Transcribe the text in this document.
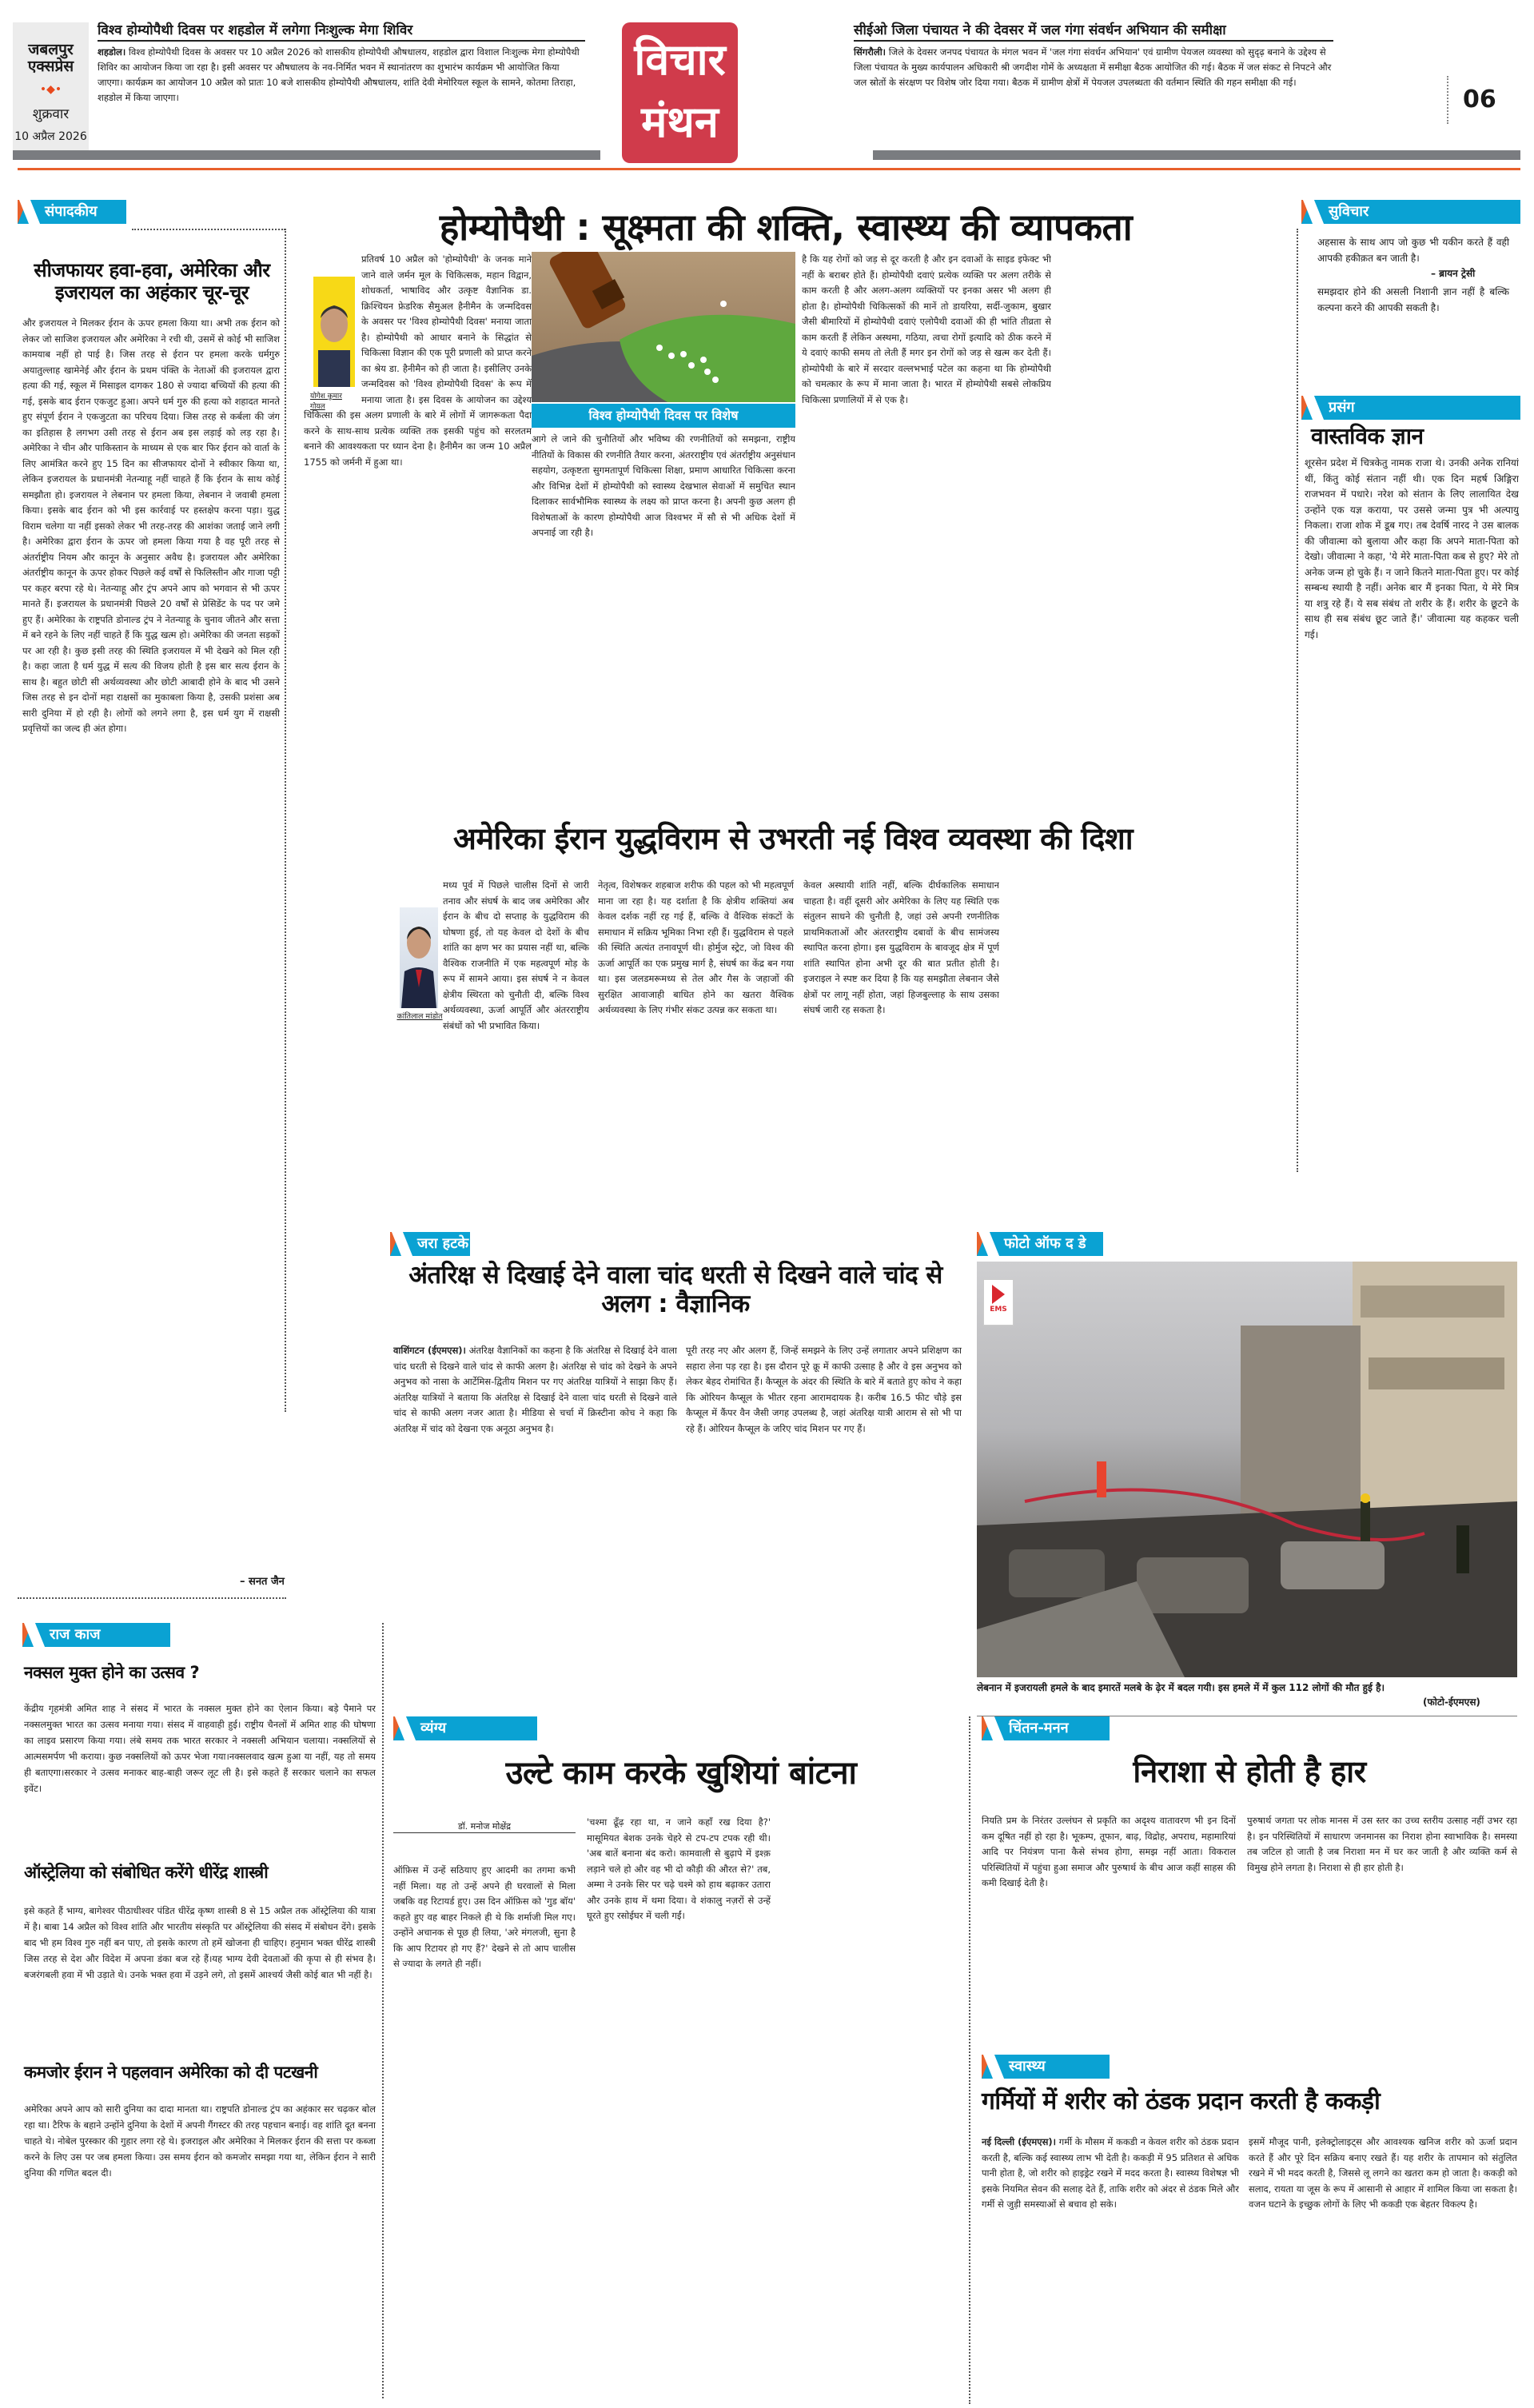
जबलपुर एक्सप्रेस
•◆•
शुक्रवार
10 अप्रैल 2026
विश्व होम्योपैथी दिवस पर शहडोल में लगेगा निःशुल्क मेगा शिविर

शहडोल। विश्व होम्योपैथी दिवस के अवसर पर 10 अप्रैल 2026 को शासकीय होम्योपैथी औषधालय, शहडोल द्वारा विशाल निःशुल्क मेगा होम्योपैथी शिविर का आयोजन किया जा रहा है। इसी अवसर पर औषधालय के नव-निर्मित भवन में स्थानांतरण का शुभारंभ कार्यक्रम भी आयोजित किया जाएगा। कार्यक्रम का आयोजन 10 अप्रैल को प्रातः 10 बजे शासकीय होम्योपैथी औषधालय, शांति देवी मेमोरियल स्कूल के सामने, कोतमा तिराहा, शहडोल में किया जाएगा।

विचार
मंथन
सीईओ जिला पंचायत ने की देवसर में जल गंगा संवर्धन अभियान की समीक्षा

सिंगरौली। जिले के देवसर जनपद पंचायत के मंगल भवन में 'जल गंगा संवर्धन अभियान' एवं ग्रामीण पेयजल व्यवस्था को सुदृढ़ बनाने के उद्देश्य से जिला पंचायत के मुख्य कार्यपालन अधिकारी श्री जगदीश गोमें के अध्यक्षता में समीक्षा बैठक आयोजित की गई। बैठक में जल संकट से निपटने और जल स्रोतों के संरक्षण पर विशेष जोर दिया गया। बैठक में ग्रामीण क्षेत्रों में पेयजल उपलब्धता की वर्तमान स्थिति की गहन समीक्षा की गई।

06
संपादकीय
सीजफायर हवा-हवा, अमेरिका और इजरायल का अहंकार चूर-चूर
और इजरायल ने मिलकर ईरान के ऊपर हमला किया था। अभी तक ईरान को लेकर जो साजिश इजरायल और अमेरिका ने रची थी, उसमें से कोई भी साजिश कामयाब नहीं हो पाई है। जिस तरह से ईरान पर हमला करके धर्मगुरु अयातुल्लाह खामेनेई और ईरान के प्रथम पंक्ति के नेताओं की इजरायल द्वारा हत्या की गई, स्कूल में मिसाइल दागकर 180 से ज्यादा बच्चियों की हत्या की गई, इसके बाद ईरान एकजुट हुआ। अपने धर्म गुरु की हत्या को शहादत मानते हुए संपूर्ण ईरान ने एकजुटता का परिचय दिया। जिस तरह से कर्बला की जंग का इतिहास है लगभग उसी तरह से ईरान अब इस लड़ाई को लड़ रहा है। अमेरिका ने चीन और पाकिस्तान के माध्यम से एक बार फिर ईरान को वार्ता के लिए आमंत्रित करने हुए 15 दिन का सीजफायर दोनों ने स्वीकार किया था, लेकिन इजरायल के प्रधानमंत्री नेतन्याहू नहीं चाहते हैं कि ईरान के साथ कोई समझौता हो। इजरायल ने लेबनान पर हमला किया, लेबनान ने जवाबी हमला किया। इसके बाद ईरान को भी इस कार्रवाई पर हस्तक्षेप करना पड़ा। युद्ध विराम चलेगा या नहीं इसको लेकर भी तरह-तरह की आशंका जताई जाने लगी है। अमेरिका द्वारा ईरान के ऊपर जो हमला किया गया है वह पूरी तरह से अंतर्राष्ट्रीय नियम और कानून के अनुसार अवैध है। इजरायल और अमेरिका अंतर्राष्ट्रीय कानून के ऊपर होकर पिछले कई वर्षों से फिलिस्तीन और गाजा पट्टी पर कहर बरपा रहे थे। नेतन्याहू और ट्रंप अपने आप को भगवान से भी ऊपर मानते हैं। इजरायल के प्रधानमंत्री पिछले 20 वर्षों से प्रेसिडेंट के पद पर जमे हुए हैं। अमेरिका के राष्ट्रपति डोनाल्ड ट्रंप ने नेतन्याहू के चुनाव जीतने और सत्ता में बने रहने के लिए नहीं चाहते हैं कि युद्ध खत्म हो। अमेरिका की जनता सड़कों पर आ रही है। कुछ इसी तरह की स्थिति इजरायल में भी देखने को मिल रही है। कहा जाता है धर्म युद्ध में सत्य की विजय होती है इस बार सत्य ईरान के साथ है। बहुत छोटी सी अर्थव्यवस्था और छोटी आबादी होने के बाद भी उसने जिस तरह से इन दोनों महा राक्षसों का मुकाबला किया है, उसकी प्रशंसा अब सारी दुनिया में हो रही है। लोगों को लगने लगा है, इस धर्म युग में राक्षसी प्रवृत्तियों का जल्द ही अंत होगा।
– सनत जैन
होम्योपैथी : सूक्ष्मता की शक्ति, स्वास्थ्य की व्यापकता
योगेश कुमार गोयल
प्रतिवर्ष 10 अप्रैल को 'होम्योपैथी' के जनक माने जाने वाले जर्मन मूल के चिकित्सक, महान विद्वान, शोधकर्ता, भाषाविद और उत्कृष्ट वैज्ञानिक डा. क्रिश्चियन फ्रेडरिक सैमुअल हैनीमैन के जन्मदिवस के अवसर पर 'विश्व होम्योपैथी दिवस' मनाया जाता है। होम्योपैथी को आधार बनाने के सिद्धांत से चिकित्सा विज्ञान की एक पूरी प्रणाली को प्राप्त करने का श्रेय डा. हैनीमैन को ही जाता है। इसीलिए उनके जन्मदिवस को 'विश्व होम्योपैथी दिवस' के रूप में मनाया जाता है। इस दिवस के आयोजन का उद्देश्य चिकित्सा की इस अलग प्रणाली के बारे में लोगों में जागरूकता पैदा करने के साथ-साथ प्रत्येक व्यक्ति तक इसकी पहुंच को सरलतम बनाने की आवश्यकता पर ध्यान देना है। हैनीमैन का जन्म 10 अप्रैल 1755 को जर्मनी में हुआ था।
विश्व होम्योपैथी दिवस पर विशेष
आगे ले जाने की चुनौतियों और भविष्य की रणनीतियों को समझना, राष्ट्रीय नीतियों के विकास की रणनीति तैयार करना, अंतरराष्ट्रीय एवं अंतर्राष्ट्रीय अनुसंधान सहयोग, उत्कृष्टता सुगमतापूर्ण चिकित्सा शिक्षा, प्रमाण आधारित चिकित्सा करना और विभिन्न देशों में होम्योपैथी को स्वास्थ्य देखभाल सेवाओं में समुचित स्थान दिलाकर सार्वभौमिक स्वास्थ्य के लक्ष्य को प्राप्त करना है। अपनी कुछ अलग ही विशेषताओं के कारण होम्योपैथी आज विश्वभर में सौ से भी अधिक देशों में अपनाई जा रही है।
है कि यह रोगों को जड़ से दूर करती है और इन दवाओं के साइड इफेक्ट भी नहीं के बराबर होते हैं। होम्योपैथी दवाएं प्रत्येक व्यक्ति पर अलग तरीके से काम करती है और अलग-अलग व्यक्तियों पर इनका असर भी अलग ही होता है। होम्योपैथी चिकित्सकों की मानें तो डायरिया, सर्दी-जुकाम, बुखार जैसी बीमारियों में होम्योपैथी दवाएं एलोपैथी दवाओं की ही भांति तीव्रता से काम करती हैं लेकिन अस्थमा, गठिया, त्वचा रोगों इत्यादि को ठीक करने में ये दवाएं काफी समय तो लेती हैं मगर इन रोगों को जड़ से खत्म कर देती हैं। होम्योपैथी के बारे में सरदार वल्लभभाई पटेल का कहना था कि होम्योपैथी को चमत्कार के रूप में माना जाता है। भारत में होम्योपैथी सबसे लोकप्रिय चिकित्सा प्रणालियों में से एक है।
सुविचार
अहसास के साथ आप जो कुछ भी यकीन करते हैं वही आपकी हकीक़त बन जाती है।
– ब्रायन ट्रेसी
समझदार होने की असली निशानी ज्ञान नहीं है बल्कि कल्पना करने की आपकी सकती है।
प्रसंग
वास्तविक ज्ञान
शूरसेन प्रदेश में चित्रकेतु नामक राजा थे। उनकी अनेक रानियां थीं, किंतु कोई संतान नहीं थी। एक दिन महर्ष अिङ्गिरा राजभवन में पधारे। नरेश को संतान के लिए लालायित देख उन्होंने एक यज्ञ कराया, पर उससे जन्मा पुत्र भी अल्पायु निकला। राजा शोक में डूब गए। तब देवर्षि नारद ने उस बालक की जीवात्मा को बुलाया और कहा कि अपने माता-पिता को देखो। जीवात्मा ने कहा, 'ये मेरे माता-पिता कब से हुए? मेरे तो अनेक जन्म हो चुके हैं। न जाने कितने माता-पिता हुए। पर कोई सम्बन्ध स्थायी है नहीं। अनेक बार मैं इनका पिता, ये मेरे मित्र या शत्रु रहे हैं। ये सब संबंध तो शरीर के हैं। शरीर के छूटने के साथ ही सब संबंध छूट जाते हैं।' जीवात्मा यह कहकर चली गई।
अमेरिका ईरान युद्धविराम से उभरती नई विश्व व्यवस्था की दिशा
कांतिलाल मांडोत
मध्य पूर्व में पिछले चालीस दिनों से जारी तनाव और संघर्ष के बाद जब अमेरिका और ईरान के बीच दो सप्ताह के युद्धविराम की घोषणा हुई, तो यह केवल दो देशों के बीच शांति का क्षण भर का प्रयास नहीं था, बल्कि वैश्विक राजनीति में एक महत्वपूर्ण मोड़ के रूप में सामने आया। इस संघर्ष ने न केवल क्षेत्रीय स्थिरता को चुनौती दी, बल्कि विश्व अर्थव्यवस्था, ऊर्जा आपूर्ति और अंतरराष्ट्रीय संबंधों को भी प्रभावित किया।
नेतृत्व, विशेषकर शहबाज शरीफ की पहल को भी महत्वपूर्ण माना जा रहा है। यह दर्शाता है कि क्षेत्रीय शक्तियां अब केवल दर्शक नहीं रह गई हैं, बल्कि वे वैश्विक संकटों के समाधान में सक्रिय भूमिका निभा रही हैं। युद्धविराम से पहले की स्थिति अत्यंत तनावपूर्ण थी। होर्मुज स्ट्रेट, जो विश्व की ऊर्जा आपूर्ति का एक प्रमुख मार्ग है, संघर्ष का केंद्र बन गया था। इस जलडमरूमध्य से तेल और गैस के जहाजों की सुरक्षित आवाजाही बाधित होने का खतरा वैश्विक अर्थव्यवस्था के लिए गंभीर संकट उत्पन्न कर सकता था।
केवल अस्थायी शांति नहीं, बल्कि दीर्घकालिक समाधान चाहता है। वहीं दूसरी ओर अमेरिका के लिए यह स्थिति एक संतुलन साधने की चुनौती है, जहां उसे अपनी रणनीतिक प्राथमिकताओं और अंतरराष्ट्रीय दबावों के बीच सामंजस्य स्थापित करना होगा। इस युद्धविराम के बावजूद क्षेत्र में पूर्ण शांति स्थापित होना अभी दूर की बात प्रतीत होती है। इजराइल ने स्पष्ट कर दिया है कि यह समझौता लेबनान जैसे क्षेत्रों पर लागू नहीं होता, जहां हिजबुल्लाह के साथ उसका संघर्ष जारी रह सकता है।
जरा हटके
अंतरिक्ष से दिखाई देने वाला चांद धरती से दिखने वाले चांद से अलग : वैज्ञानिक
वाशिंगटन (ईएमएस)। अंतरिक्ष वैज्ञानिकों का कहना है कि अंतरिक्ष से दिखाई देने वाला चांद धरती से दिखने वाले चांद से काफी अलग है। अंतरिक्ष से चांद को देखने के अपने अनुभव को नासा के आर्टेमिस-द्वितीय मिशन पर गए अंतरिक्ष यात्रियों ने साझा किए हैं। अंतरिक्ष यात्रियों ने बताया कि अंतरिक्ष से दिखाई देने वाला चांद धरती से दिखने वाले चांद से काफी अलग नजर आता है। मीडिया से चर्चा में क्रिस्टीना कोच ने कहा कि अंतरिक्ष में चांद को देखना एक अनूठा अनुभव है।
पूरी तरह नए और अलग हैं, जिन्हें समझने के लिए उन्हें लगातार अपने प्रशिक्षण का सहारा लेना पड़ रहा है। इस दौरान पूरे क्रू में काफी उत्साह है और वे इस अनुभव को लेकर बेहद रोमांचित हैं। कैप्सूल के अंदर की स्थिति के बारे में बताते हुए कोच ने कहा कि ओरियन कैप्सूल के भीतर रहना आरामदायक है। करीब 16.5 फीट चौड़े इस कैप्सूल में कैंपर वैन जैसी जगह उपलब्ध है, जहां अंतरिक्ष यात्री आराम से सो भी पा रहे हैं। ओरियन कैप्सूल के जरिए चांद मिशन पर गए हैं।
फोटो ऑफ द डे
EMS
लेबनान में इजरायली हमले के बाद इमारतें मलबे के ढ़ेर में बदल गयी। इस हमले में में कुल 112 लोगों की मौत हुई है।
(फोटो-ईएमएस)
राज काज
नक्सल मुक्त होने का उत्सव ?
केंद्रीय गृहमंत्री अमित शाह ने संसद में भारत के नक्सल मुक्त होने का ऐलान किया। बड़े पैमाने पर नक्सलमुक्त भारत का उत्सव मनाया गया। संसद में वाहवाही हुई। राष्ट्रीय चैनलों में अमित शाह की घोषणा का लाइव प्रसारण किया गया। लंबे समय तक भारत सरकार ने नक्सली अभियान चलाया। नक्सलियों से आत्मसमर्पण भी कराया। कुछ नक्सलियों को ऊपर भेजा गया।नक्सलवाद खत्म हुआ या नहीं, यह तो समय ही बताएगा।सरकार ने उत्सव मनाकर बाह-बाही जरूर लूट ली है। इसे कहते हैं सरकार चलाने का सफल इवेंट।
ऑस्ट्रेलिया को संबोधित करेंगे धीरेंद्र शास्त्री
इसे कहते हैं भाग्य, बागेश्वर पीठाधीश्वर पंडित धीरेंद्र कृष्ण शास्त्री 8 से 15 अप्रैल तक ऑस्ट्रेलिया की यात्रा में है। बाबा 14 अप्रैल को विश्व शांति और भारतीय संस्कृति पर ऑस्ट्रेलिया की संसद में संबोधन देंगे। इसके बाद भी हम विश्व गुरु नहीं बन पाए, तो इसके कारण तो हमें खोजना ही चाहिए। हनुमान भक्त धीरेंद्र शास्त्री जिस तरह से देश और विदेश में अपना डंका बज रहे हैं।यह भाग्य देवी देवताओं की कृपा से ही संभव है। बजरंगबली हवा में भी उड़ाते थे। उनके भक्त हवा में उड़ने लगे, तो इसमें आश्चर्य जैसी कोई बात भी नहीं है।
कमजोर ईरान ने पहलवान अमेरिका को दी पटखनी
अमेरिका अपने आप को सारी दुनिया का दादा मानता था। राष्ट्रपति डोनाल्ड ट्रंप का अहंकार सर चढ़कर बोल रहा था। टैरिफ के बहाने उन्होंने दुनिया के देशों में अपनी गैंगस्टर की तरह पहचान बनाई। वह शांति दूत बनना चाहते थे। नोबेल पुरस्कार की गुहार लगा रहे थे। इजराइल और अमेरिका ने मिलकर ईरान की सत्ता पर कब्जा करने के लिए उस पर जब हमला किया। उस समय ईरान को कमजोर समझा गया था, लेकिन ईरान ने सारी दुनिया की गणित बदल दी।
व्यंग्य
उल्टे काम करके खुशियां बांटना
डॉ. मनोज मोक्षेंद्र
ऑफ़िस में उन्हें सठियाए हुए आदमी का तगमा कभी नहीं मिला। यह तो उन्हें अपने ही घरवालों से मिला जबकि वह रिटायर्ड हुए। उस दिन ऑफ़िस को 'गुड बॉय' कहते हुए वह बाहर निकले ही थे कि शर्माजी मिल गए। उन्होंने अचानक से पूछ ही लिया, 'अरे मंगलजी, सुना है कि आप रिटायर हो गए हैं?' देखने से तो आप चालीस से ज्यादा के लगते ही नहीं।
'चश्मा ढूँढ़ रहा था, न जाने कहाँ रख दिया है?' मासूमियत बेशक उनके चेहरे से टप-टप टपक रही थी। 'अब बातें बनाना बंद करो। कामवाली से बुढ़ापे में इश्क़ लड़ाने चले हो और वह भी दो कौड़ी की औरत से?' तब, अम्मा ने उनके सिर पर चढ़े चश्मे को हाथ बढ़ाकर उतारा और उनके हाथ में थमा दिया। वे शंकालु नज़रों से उन्हें घूरते हुए रसोईघर में चली गईं।
चिंतन-मनन
निराशा से होती है हार
नियति प्रम के निरंतर उल्लंघन से प्रकृति का अदृश्य वातावरण भी इन दिनों कम दूषित नहीं हो रहा है। भूकम्प, तूफान, बाढ़, विद्रोह, अपराध, महामारियां आदि पर नियंत्रण पाना कैसे संभव होगा, समझ नहीं आता। विकराल परिस्थितियों में पहुंचा हुआ समाज और पुरुषार्थ के बीच आज कहीं साहस की कमी दिखाई देती है।
पुरुषार्थ जगता पर लोक मानस में उस स्तर का उच्च स्तरीय उत्साह नहीं उभर रहा है। इन परिस्थितियों में साधारण जनमानस का निराश होना स्वाभाविक है। समस्या तब जटिल हो जाती है जब निराशा मन में घर कर जाती है और व्यक्ति कर्म से विमुख होने लगता है। निराशा से ही हार होती है।
स्वास्थ्य
गर्मियों में शरीर को ठंडक प्रदान करती है ककड़ी
नई दिल्ली (ईएमएस)। गर्मी के मौसम में ककडी न केवल शरीर को ठंडक प्रदान करती है, बल्कि कई स्वास्थ्य लाभ भी देती है। ककड़ी में 95 प्रतिशत से अधिक पानी होता है, जो शरीर को हाइड्रेट रखने में मदद करता है। स्वास्थ्य विशेषज्ञ भी इसके नियमित सेवन की सलाह देते हैं, ताकि शरीर को अंदर से ठंडक मिले और गर्मी से जुड़ी समस्याओं से बचाव हो सके।
इसमें मौजूद पानी, इलेक्ट्रोलाइट्स और आवश्यक खनिज शरीर को ऊर्जा प्रदान करते हैं और पूरे दिन सक्रिय बनाए रखते हैं। यह शरीर के तापमान को संतुलित रखने में भी मदद करती है, जिससे लू लगने का खतरा कम हो जाता है। ककड़ी को सलाद, रायता या जूस के रूप में आसानी से आहार में शामिल किया जा सकता है। वजन घटाने के इच्छुक लोगों के लिए भी ककडी एक बेहतर विकल्प है।
